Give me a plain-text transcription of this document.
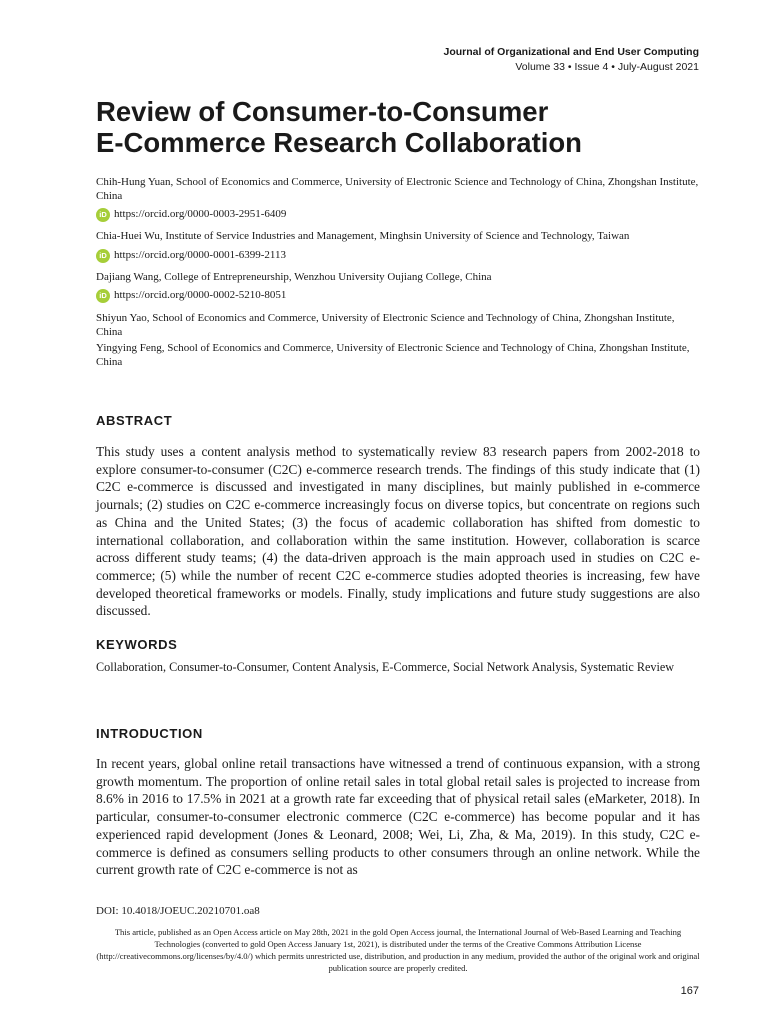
Journal of Organizational and End User Computing
Volume 33 • Issue 4 • July-August 2021
Review of Consumer-to-Consumer
E-Commerce Research Collaboration
Chih-Hung Yuan, School of Economics and Commerce, University of Electronic Science and Technology of China, Zhongshan Institute, China
iD https://orcid.org/0000-0003-2951-6409
Chia-Huei Wu, Institute of Service Industries and Management, Minghsin University of Science and Technology, Taiwan
iD https://orcid.org/0000-0001-6399-2113
Dajiang Wang, College of Entrepreneurship, Wenzhou University Oujiang College, China
iD https://orcid.org/0000-0002-5210-8051
Shiyun Yao, School of Economics and Commerce, University of Electronic Science and Technology of China, Zhongshan Institute, China
Yingying Feng, School of Economics and Commerce, University of Electronic Science and Technology of China, Zhongshan Institute, China
ABSTRACT
This study uses a content analysis method to systematically review 83 research papers from 2002-2018 to explore consumer-to-consumer (C2C) e-commerce research trends. The findings of this study indicate that (1) C2C e-commerce is discussed and investigated in many disciplines, but mainly published in e-commerce journals; (2) studies on C2C e-commerce increasingly focus on diverse topics, but concentrate on regions such as China and the United States; (3) the focus of academic collaboration has shifted from domestic to international collaboration, and collaboration within the same institution. However, collaboration is scarce across different study teams; (4) the data-driven approach is the main approach used in studies on C2C e-commerce; (5) while the number of recent C2C e-commerce studies adopted theories is increasing, few have developed theoretical frameworks or models. Finally, study implications and future study suggestions are also discussed.
KEYWORDS
Collaboration, Consumer-to-Consumer, Content Analysis, E-Commerce, Social Network Analysis, Systematic Review
INTRODUCTION
In recent years, global online retail transactions have witnessed a trend of continuous expansion, with a strong growth momentum. The proportion of online retail sales in total global retail sales is projected to increase from 8.6% in 2016 to 17.5% in 2021 at a growth rate far exceeding that of physical retail sales (eMarketer, 2018). In particular, consumer-to-consumer electronic commerce (C2C e-commerce) has become popular and it has experienced rapid development (Jones & Leonard, 2008; Wei, Li, Zha, & Ma, 2019). In this study, C2C e-commerce is defined as consumers selling products to other consumers through an online network. While the current growth rate of C2C e-commerce is not as
DOI: 10.4018/JOEUC.20210701.oa8
This article, published as an Open Access article on May 28th, 2021 in the gold Open Access journal, the International Journal of Web-Based Learning and Teaching Technologies (converted to gold Open Access January 1st, 2021), is distributed under the terms of the Creative Commons Attribution License (http://creativecommons.org/licenses/by/4.0/) which permits unrestricted use, distribution, and production in any medium, provided the author of the original work and original publication source are properly credited.
167
